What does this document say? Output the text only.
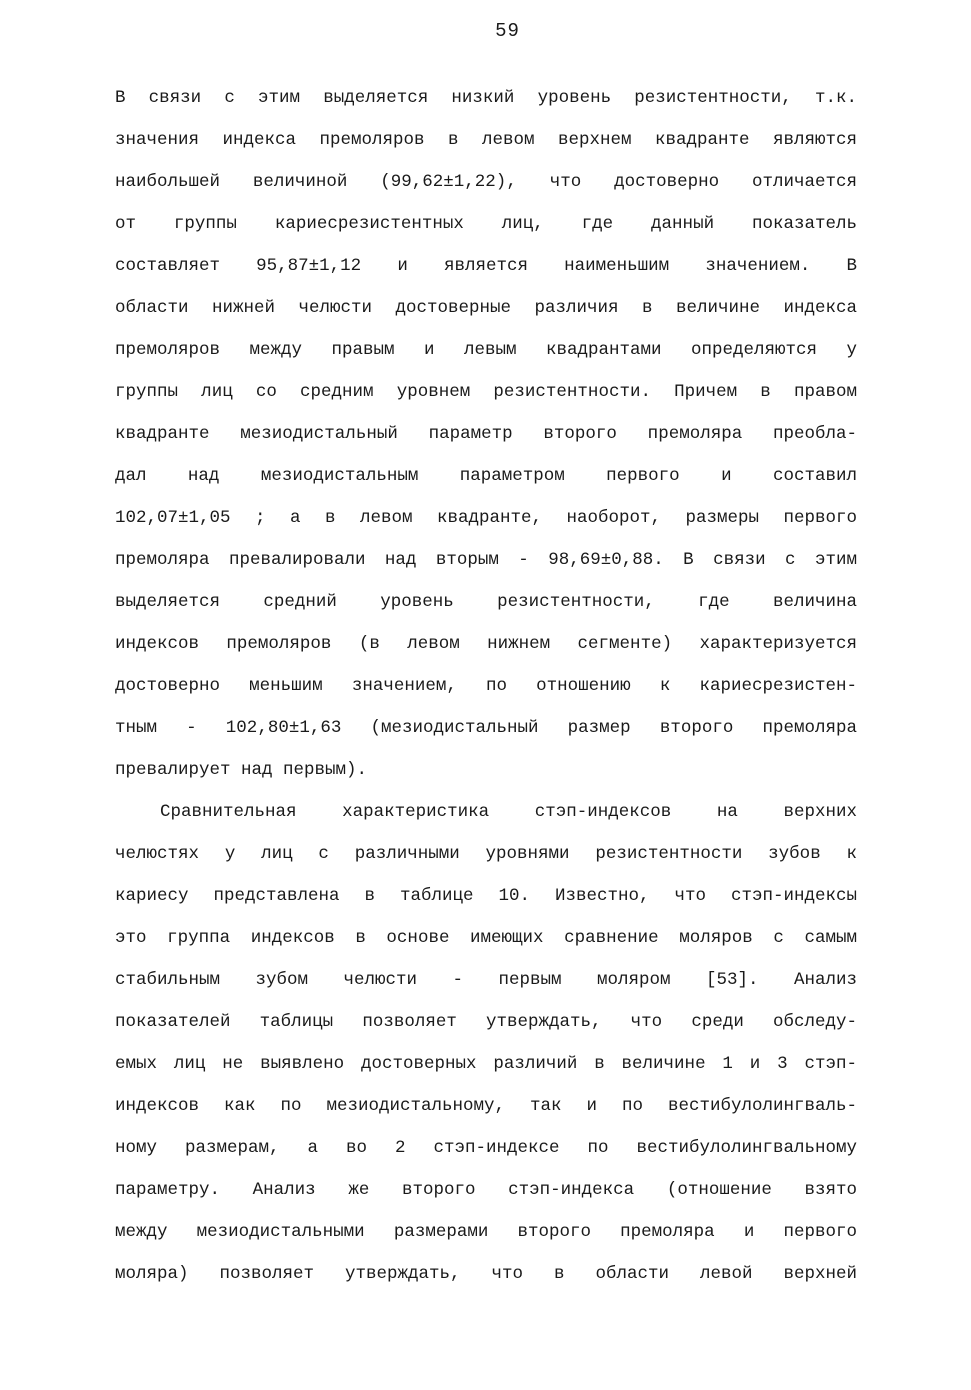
59
В связи с этим выделяется низкий уровень резистентности, т.к.
значения индекса премоляров в левом верхнем квадранте являются
наибольшей величиной (99,62±1,22), что достоверно отличается
от группы кариесрезистентных лиц, где данный показатель
составляет 95,87±1,12 и является наименьшим значением. В
области нижней челюсти достоверные различия в величине индекса
премоляров между правым и левым квадрантами определяются у
группы лиц со средним уровнем резистентности. Причем в правом
квадранте мезиодистальный параметр второго премоляра преобла-
дал над мезиодистальным параметром первого и составил
102,07±1,05 ; а в левом квадранте, наоборот, размеры первого
премоляра превалировали над вторым - 98,69±0,88. В связи с этим
выделяется средний уровень резистентности, где величина
индексов премоляров (в левом нижнем сегменте) характеризуется
достоверно меньшим значением, по отношению к кариесрезистен-
тным - 102,80±1,63 (мезиодистальный размер второго премоляра
превалирует над первым).
Сравнительная характеристика стэп-индексов на верхних
челюстях у лиц с различными уровнями резистентности зубов к
кариесу представлена в таблице 10. Известно, что стэп-индексы
это группа индексов в основе имеющих сравнение моляров с самым
стабильным зубом челюсти - первым моляром [53]. Анализ
показателей таблицы позволяет утверждать, что среди обследу-
емых лиц не выявлено достоверных различий в величине 1 и 3 стэп-
индексов как по мезиодистальному, так и по вестибулолингваль-
ному размерам, а во 2 стэп-индексе по вестибулолингвальному
параметру. Анализ же второго стэп-индекса (отношение взято
между мезиодистальными размерами второго премоляра и первого
моляра) позволяет утверждать, что в области левой верхней
